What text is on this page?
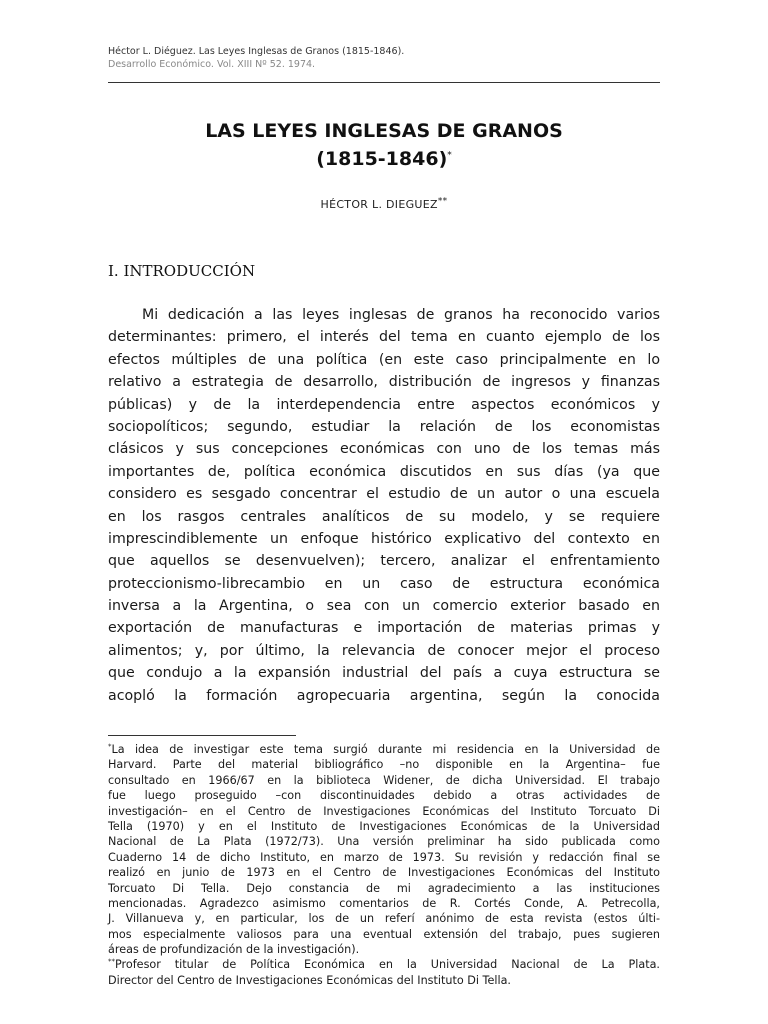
Héctor L. Diéguez. Las Leyes Inglesas de Granos (1815-1846).
Desarrollo Económico. Vol. XIII Nº 52. 1974.
LAS LEYES INGLESAS DE GRANOS
(1815-1846)*
HÉCTOR L. DIEGUEZ**
I. INTRODUCCIÓN
Mi dedicación a las leyes inglesas de granos ha reconocido varios
determinantes: primero, el interés del tema en cuanto ejemplo de los
efectos múltiples de una política (en este caso principalmente en lo
relativo a estrategia de desarrollo, distribución de ingresos y finanzas
públicas) y de la interdependencia entre aspectos económicos y
sociopolíticos; segundo, estudiar la relación de los economistas
clásicos y sus concepciones económicas con uno de los temas más
importantes de, política económica discutidos en sus días (ya que
considero es sesgado concentrar el estudio de un autor o una escuela
en los rasgos centrales analíticos de su modelo, y se requiere
imprescindiblemente un enfoque histórico explicativo del contexto en
que aquellos se desenvuelven); tercero, analizar el enfrentamiento
proteccionismo-librecambio en un caso de estructura económica
inversa a la Argentina, o sea con un comercio exterior basado en
exportación de manufacturas e importación de materias primas y
alimentos; y, por último, la relevancia de conocer mejor el proceso
que condujo a la expansión industrial del país a cuya estructura se
acopló la formación agropecuaria argentina, según la conocida
*La idea de investigar este tema surgió durante mi residencia en la Universidad de
Harvard. Parte del material bibliográfico –no disponible en la Argentina– fue
consultado en 1966/67 en la biblioteca Widener, de dicha Universidad. El trabajo
fue luego proseguido –con discontinuidades debido a otras actividades de
investigación– en el Centro de Investigaciones Económicas del Instituto Torcuato Di
Tella (1970) y en el Instituto de Investigaciones Económicas de la Universidad
Nacional de La Plata (1972/73). Una versión preliminar ha sido publicada como
Cuaderno 14 de dicho Instituto, en marzo de 1973. Su revisión y redacción final se
realizó en junio de 1973 en el Centro de Investigaciones Económicas del Instituto
Torcuato Di Tella. Dejo constancia de mi agradecimiento a las instituciones
mencionadas. Agradezco asimismo comentarios de R. Cortés Conde, A. Petrecolla,
J. Villanueva y, en particular, los de un referí anónimo de esta revista (estos últi-
mos especialmente valiosos para una eventual extensión del trabajo, pues sugieren
áreas de profundización de la investigación).
**Profesor titular de Política Económica en la Universidad Nacional de La Plata.
Director del Centro de Investigaciones Económicas del Instituto Di Tella.
